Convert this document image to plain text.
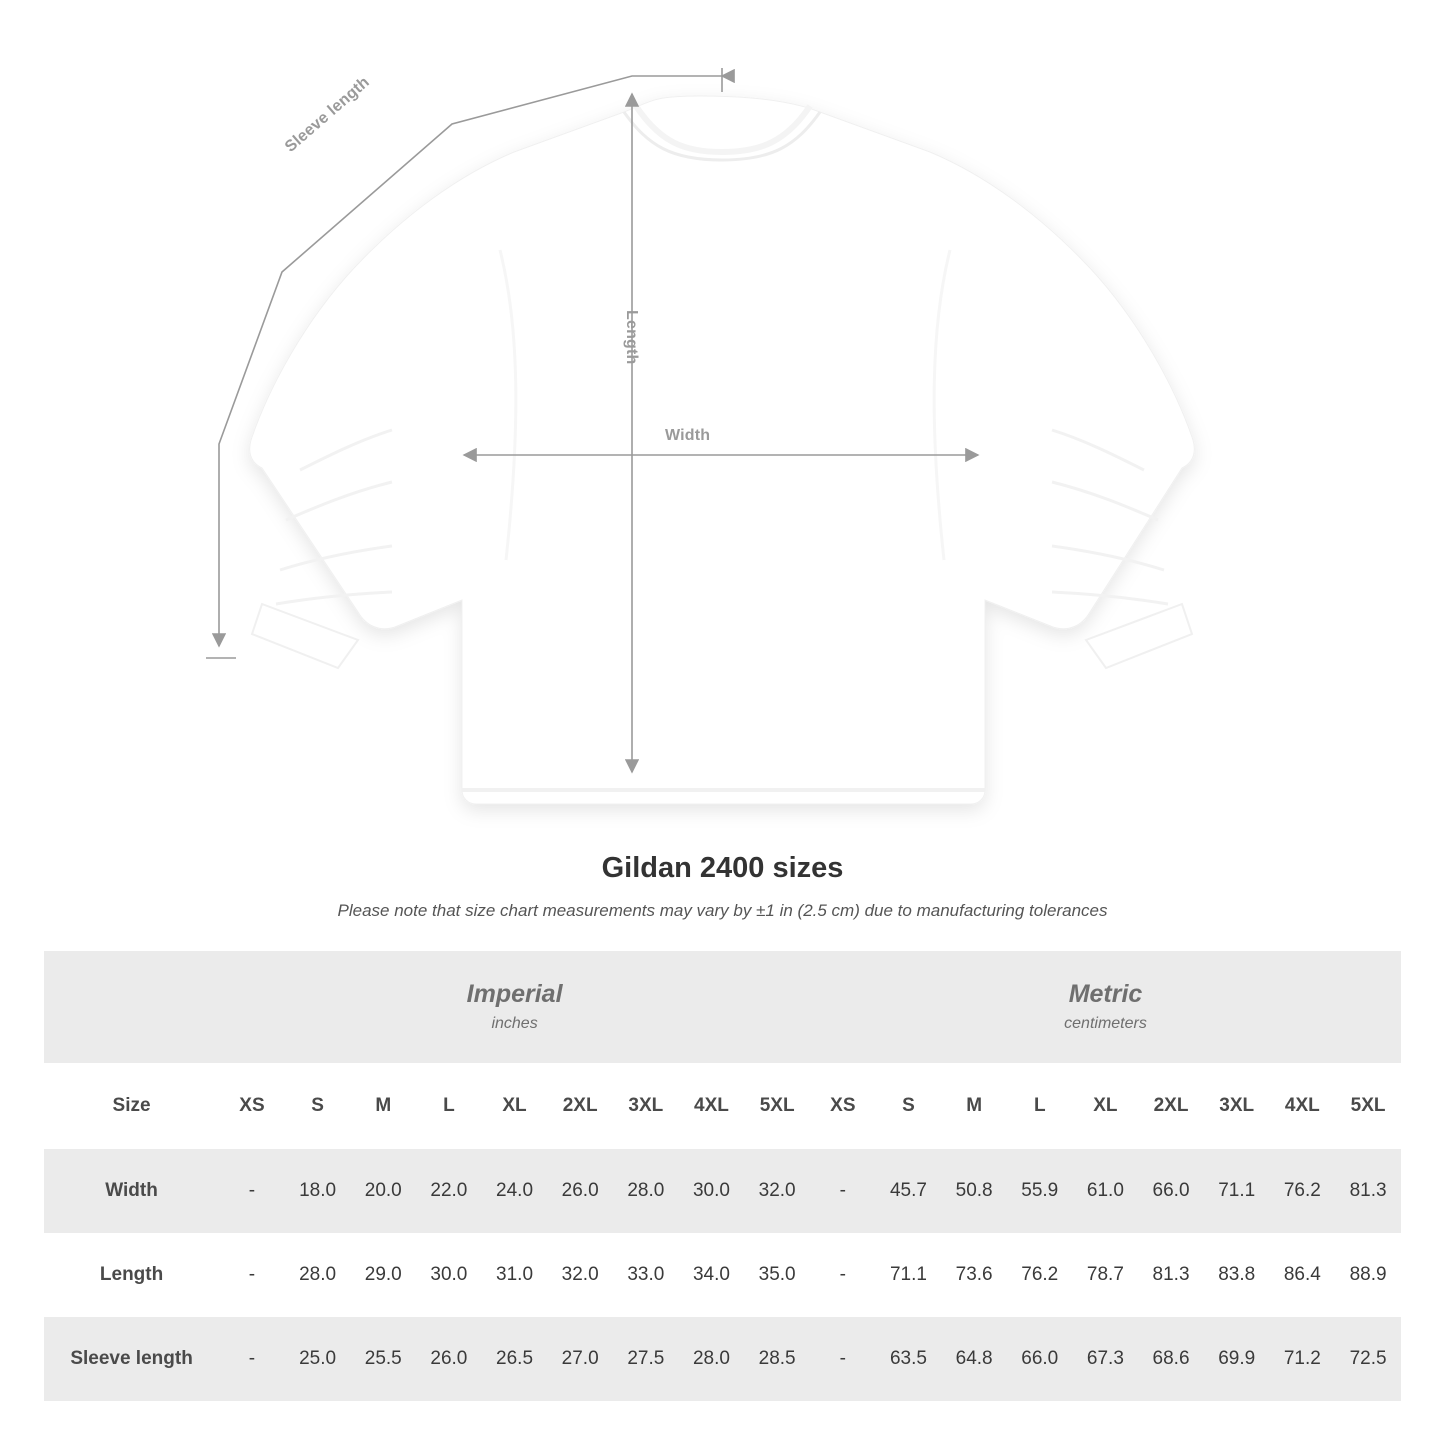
Length
Width
Sleeve length
Gildan 2400 sizes

Please note that size chart measurements may vary by ±1 in (2.5 cm) due to manufacturing tolerances

Imperial
inches

Metric
centimeters

Size	XS	S	M	L	XL	2XL	3XL	4XL	5XL	XS	S	M	L	XL	2XL	3XL	4XL	5XL
Width	-	18.0	20.0	22.0	24.0	26.0	28.0	30.0	32.0	-	45.7	50.8	55.9	61.0	66.0	71.1	76.2	81.3
Length	-	28.0	29.0	30.0	31.0	32.0	33.0	34.0	35.0	-	71.1	73.6	76.2	78.7	81.3	83.8	86.4	88.9
Sleeve length	-	25.0	25.5	26.0	26.5	27.0	27.5	28.0	28.5	-	63.5	64.8	66.0	67.3	68.6	69.9	71.2	72.5
